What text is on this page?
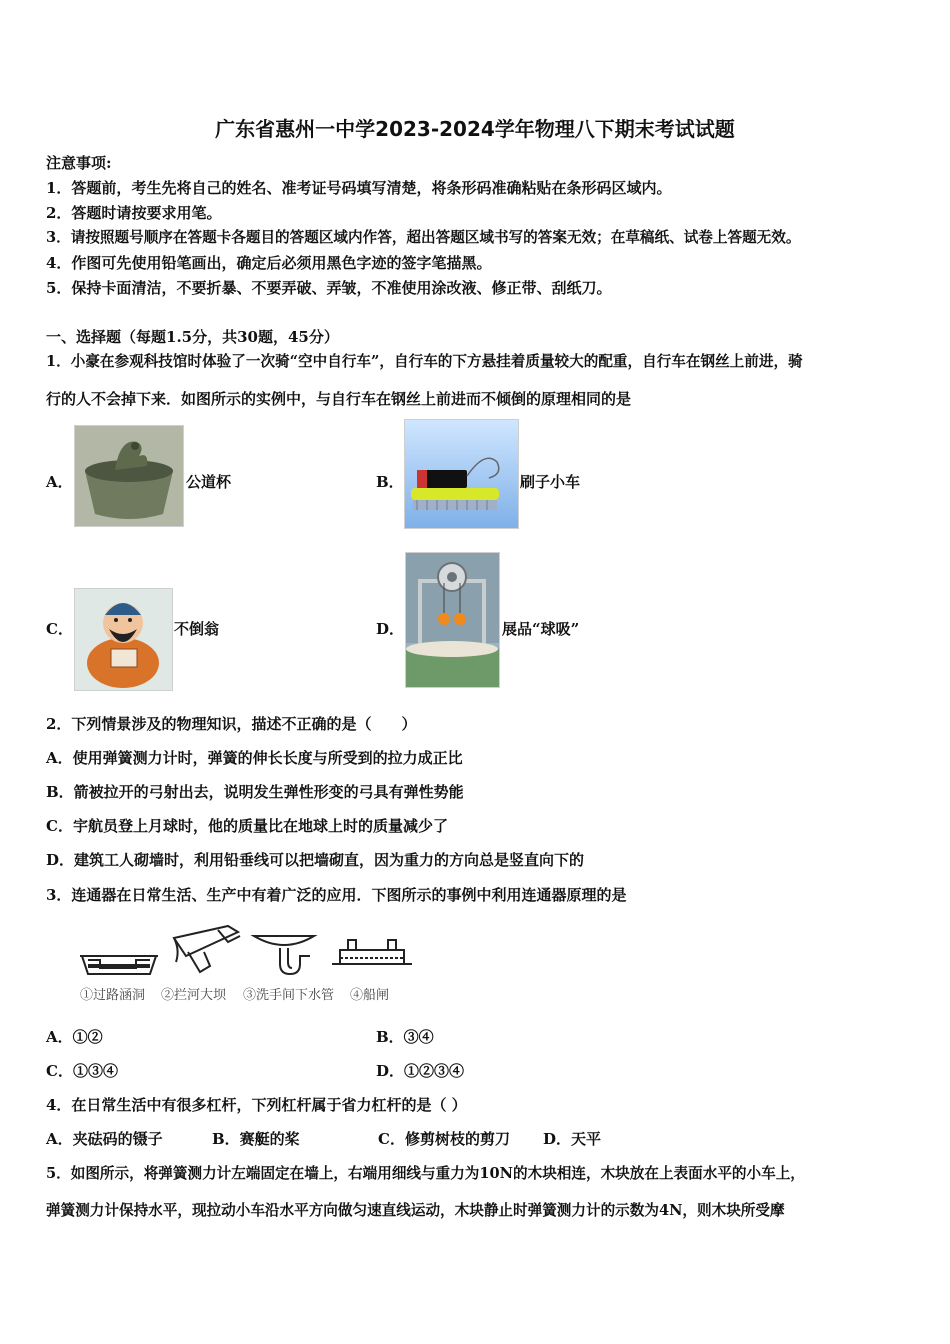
广东省惠州一中学2023-2024学年物理八下期末考试试题
注意事项:
1．答题前，考生先将自己的姓名、准考证号码填写清楚，将条形码准确粘贴在条形码区域内。
2．答题时请按要求用笔。
3．请按照题号顺序在答题卡各题目的答题区域内作答，超出答题区域书写的答案无效；在草稿纸、试卷上答题无效。
4．作图可先使用铅笔画出，确定后必须用黑色字迹的签字笔描黑。
5．保持卡面清洁，不要折暴、不要弄破、弄皱，不准使用涂改液、修正带、刮纸刀。
一、选择题（每题1.5分，共30题，45分）
1．小豪在参观科技馆时体验了一次骑“空中自行车”，自行车的下方悬挂着质量较大的配重，自行车在钢丝上前进，骑
行的人不会掉下来．如图所示的实例中，与自行车在钢丝上前进而不倾倒的原理相同的是
A．	公道杯	B．	刷子小车
C．	不倒翁	D．	展品“球吸”
2．下列情景涉及的物理知识，描述不正确的是（　　）
A．使用弹簧测力计时，弹簧的伸长长度与所受到的拉力成正比
B．箭被拉开的弓射出去，说明发生弹性形变的弓具有弹性势能
C．宇航员登上月球时，他的质量比在地球上时的质量减少了
D．建筑工人砌墙时，利用铅垂线可以把墙砌直，因为重力的方向总是竖直向下的
3．连通器在日常生活、生产中有着广泛的应用．下图所示的事例中利用连通器原理的是
①过路涵洞 ②拦河大坝 ③洗手间下水管 ④船闸
A．①②	B．③④
C．①③④	D．①②③④
4．在日常生活中有很多杠杆，下列杠杆属于省力杠杆的是（ ）
A．夹砝码的镊子	B．赛艇的桨	C．修剪树枝的剪刀 D．天平
5．如图所示，将弹簧测力计左端固定在墙上，右端用细线与重力为10N的木块相连，木块放在上表面水平的小车上，
弹簧测力计保持水平，现拉动小车沿水平方向做匀速直线运动，木块静止时弹簧测力计的示数为4N，则木块所受摩
